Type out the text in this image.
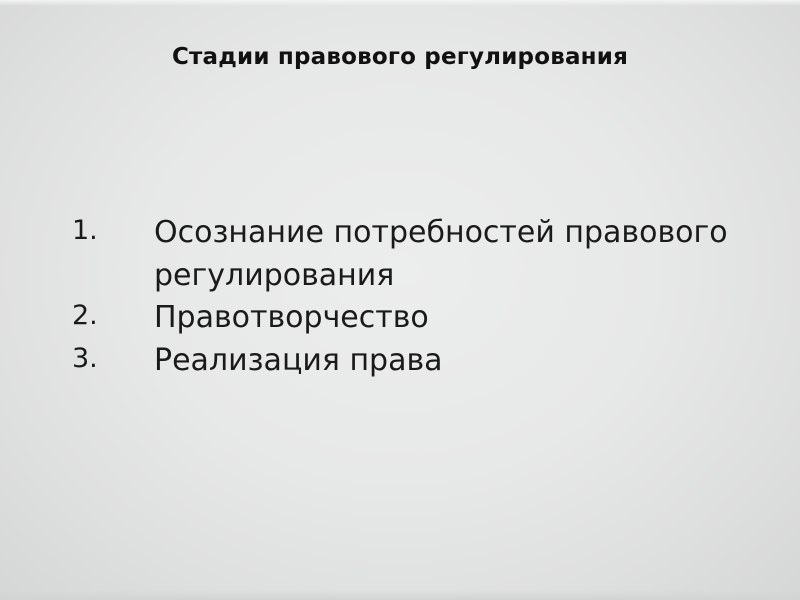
Стадии правового регулирования
1.	Осознание потребностей правового регулирования
2.	Правотворчество
3.	Реализация права
